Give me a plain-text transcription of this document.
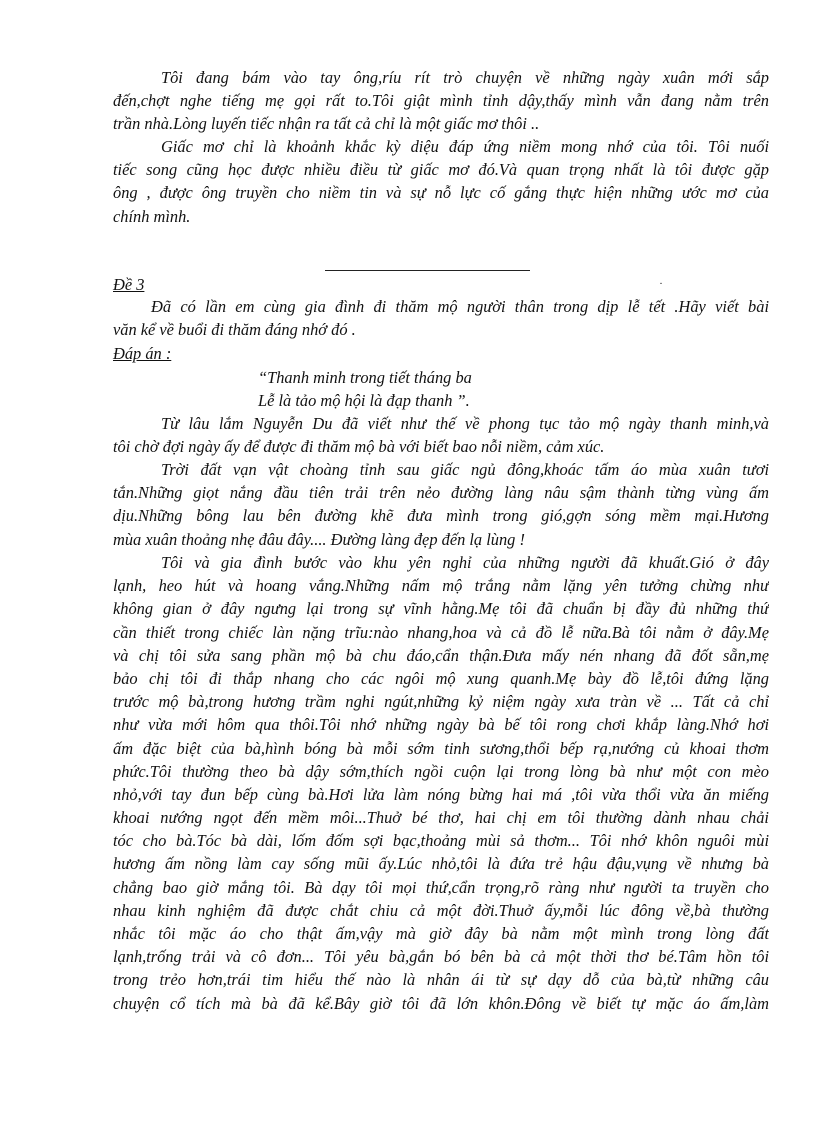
Tôi đang bám vào tay ông,ríu rít trò chuyện về những ngày xuân mới sắp
đến,chợt nghe tiếng mẹ gọi rất to.Tôi giật mình tỉnh dậy,thấy mình vẫn đang nằm trên
trần nhà.Lòng luyến tiếc nhận ra tất cả chỉ là một giấc mơ thôi ..
Giấc mơ chỉ là khoảnh khắc kỳ diệu đáp ứng niềm mong nhớ của tôi. Tôi nuối
tiếc song cũng học được nhiều điều từ giấc mơ đó.Và quan trọng nhất là tôi được gặp
ông , được ông truyền cho niềm tin và sự nỗ lực cố gắng thực hiện những ước mơ của
chính mình.
Đề 3	.
Đã có lần em cùng gia đình đi thăm mộ người thân trong dịp lễ tết .Hãy viết bài
văn kể về buổi đi thăm đáng nhớ đó .
Đáp án :
“Thanh minh trong tiết tháng ba
Lễ là tảo mộ hội là đạp thanh ”.
Từ lâu lắm Nguyễn Du đã viết như thế về phong tục tảo mộ ngày thanh minh,và
tôi chờ đợi ngày ấy để được đi thăm mộ bà với biết bao nỗi niềm, cảm xúc.
Trời đất vạn vật choàng tỉnh sau giấc ngủ đông,khoác tấm áo mùa xuân tươi
tắn.Những giọt nắng đầu tiên trải trên nẻo đường làng nâu sậm thành từng vùng ấm
dịu.Những bông lau bên đường khẽ đưa mình trong gió,gợn sóng mềm mại.Hương
mùa xuân thoảng nhẹ đâu đây.... Đường làng đẹp đến lạ lùng !
Tôi và gia đình bước vào khu yên nghỉ của những người đã khuất.Gió ở đây
lạnh, heo hút và hoang vắng.Những nấm mộ trắng nằm lặng yên tưởng chừng như
không gian ở đây ngưng lại trong sự vĩnh hằng.Mẹ tôi đã chuẩn bị đầy đủ những thứ
cần thiết trong chiếc làn nặng trĩu:nào nhang,hoa và cả đồ lễ nữa.Bà tôi nằm ở đây.Mẹ
và chị tôi sửa sang phần mộ bà chu đáo,cẩn thận.Đưa mấy nén nhang đã đốt sẵn,mẹ
bảo chị tôi đi thắp nhang cho các ngôi mộ xung quanh.Mẹ bày đồ lễ,tôi đứng lặng
trước mộ bà,trong hương trầm nghi ngút,những kỷ niệm ngày xưa tràn về ... Tất cả chỉ
như vừa mới hôm qua thôi.Tôi nhớ những ngày bà bế tôi rong chơi khắp làng.Nhớ hơi
ấm đặc biệt của bà,hình bóng bà mỗi sớm tinh sương,thổi bếp rạ,nướng củ khoai thơm
phức.Tôi thường theo bà dậy sớm,thích ngồi cuộn lại trong lòng bà như một con mèo
nhỏ,với tay đun bếp cùng bà.Hơi lửa làm nóng bừng hai má ,tôi vừa thổi vừa ăn miếng
khoai nướng ngọt đến mềm môi...Thuở bé thơ, hai chị em tôi thường dành nhau chải
tóc cho bà.Tóc bà dài, lốm đốm sợi bạc,thoảng mùi sả thơm... Tôi nhớ khôn nguôi mùi
hương ấm nồng làm cay sống mũi ấy.Lúc nhỏ,tôi là đứa trẻ hậu đậu,vụng về nhưng bà
chẳng bao giờ mắng tôi. Bà dạy tôi mọi thứ,cẩn trọng,rõ ràng như người ta truyền cho
nhau kinh nghiệm đã được chắt chiu cả một đời.Thuở ấy,mỗi lúc đông về,bà thường
nhắc tôi mặc áo cho thật ấm,vậy mà giờ đây bà nằm một mình trong lòng đất
lạnh,trống trải và cô đơn... Tôi yêu bà,gắn bó bên bà cả một thời thơ bé.Tâm hồn tôi
trong trẻo hơn,trái tim hiểu thế nào là nhân ái từ sự dạy dỗ của bà,từ những câu
chuyện cổ tích mà bà đã kể.Bây giờ tôi đã lớn khôn.Đông về biết tự mặc áo ấm,làm
